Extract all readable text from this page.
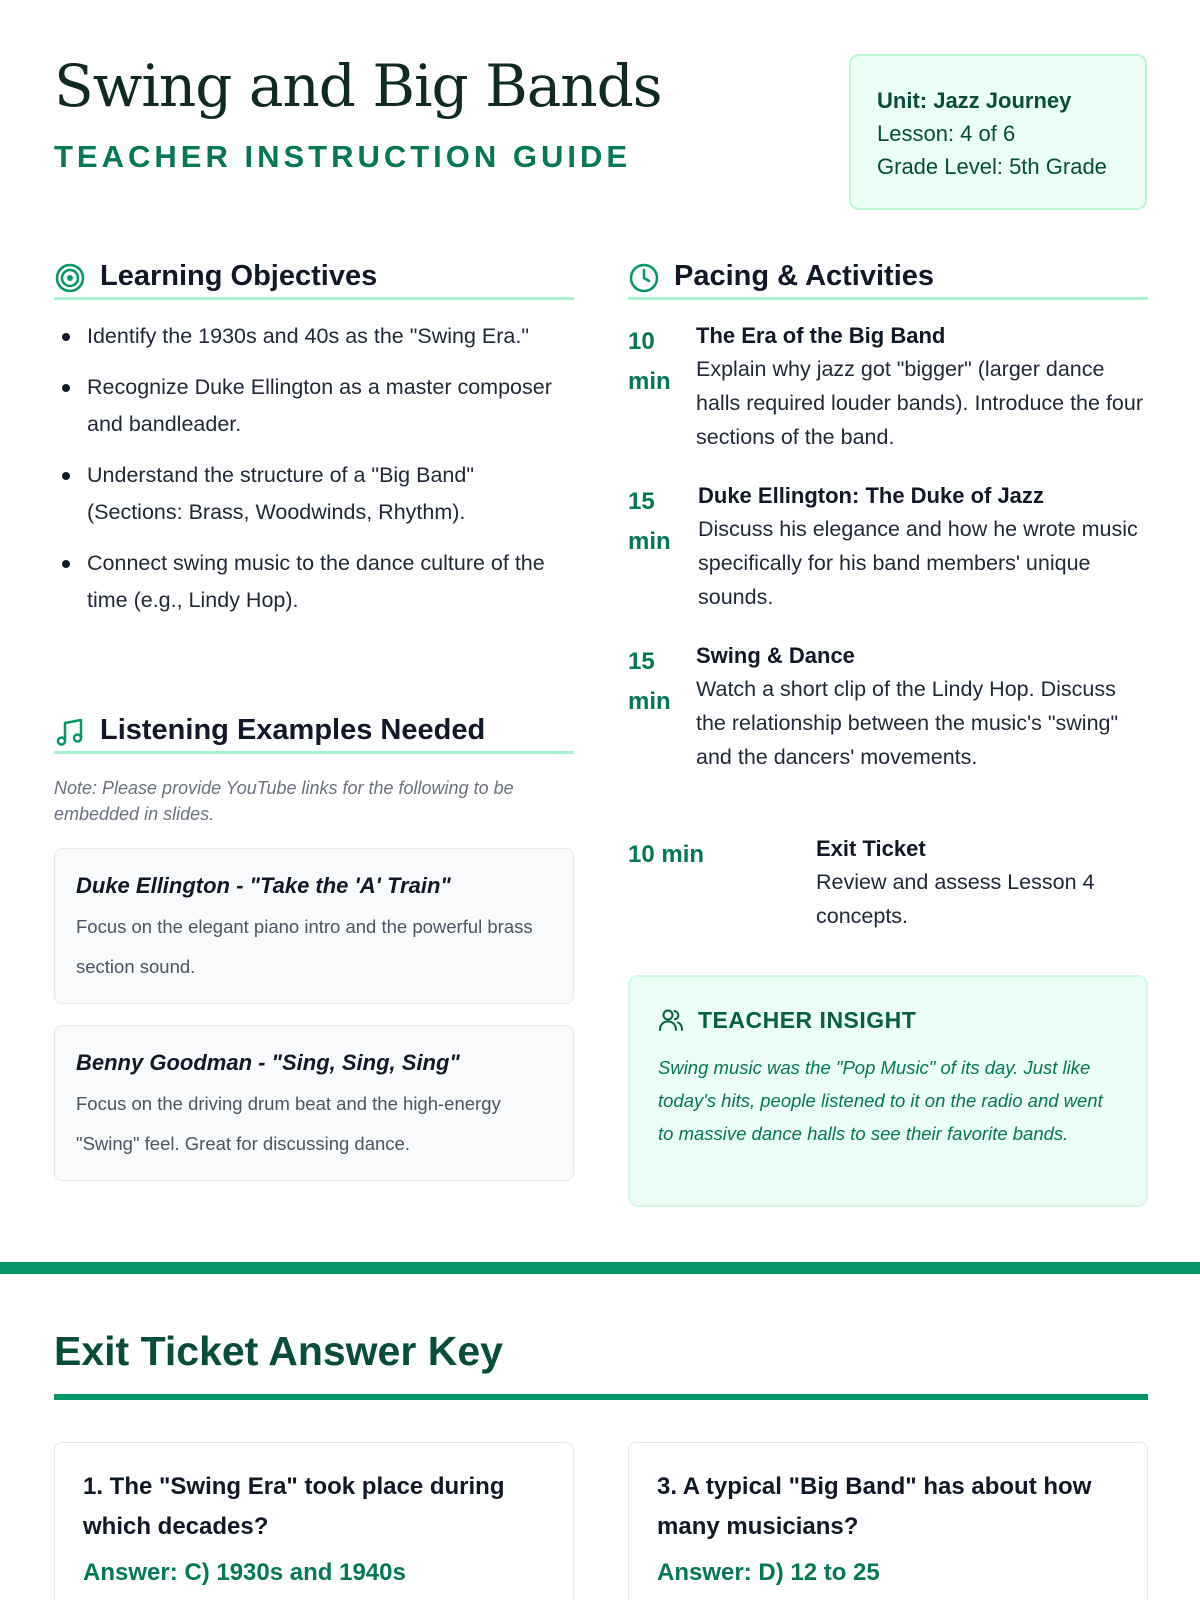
Swing and Big Bands
TEACHER INSTRUCTION GUIDE
Unit: Jazz Journey
Lesson: 4 of 6
Grade Level: 5th Grade
Learning Objectives
Identify the 1930s and 40s as the "Swing Era."
Recognize Duke Ellington as a master composer and bandleader.
Understand the structure of a "Big Band" (Sections: Brass, Woodwinds, Rhythm).
Connect swing music to the dance culture of the time (e.g., Lindy Hop).
Listening Examples Needed
Note: Please provide YouTube links for the following to be embedded in slides.
Duke Ellington - "Take the 'A' Train"
Focus on the elegant piano intro and the powerful brass section sound.
Benny Goodman - "Sing, Sing, Sing"
Focus on the driving drum beat and the high-energy "Swing" feel. Great for discussing dance.
Pacing & Activities
10 min
The Era of the Big Band
Explain why jazz got "bigger" (larger dance halls required louder bands). Introduce the four sections of the band.
15 min
Duke Ellington: The Duke of Jazz
Discuss his elegance and how he wrote music specifically for his band members' unique sounds.
15 min
Swing & Dance
Watch a short clip of the Lindy Hop. Discuss the relationship between the music's "swing" and the dancers' movements.
10 min	Exit Ticket
Review and assess Lesson 4 concepts.
TEACHER INSIGHT
Swing music was the "Pop Music" of its day. Just like today's hits, people listened to it on the radio and went to massive dance halls to see their favorite bands.
Exit Ticket Answer Key
1. The "Swing Era" took place during which decades?
Answer: C) 1930s and 1940s
3. A typical "Big Band" has about how many musicians?
Answer: D) 12 to 25
